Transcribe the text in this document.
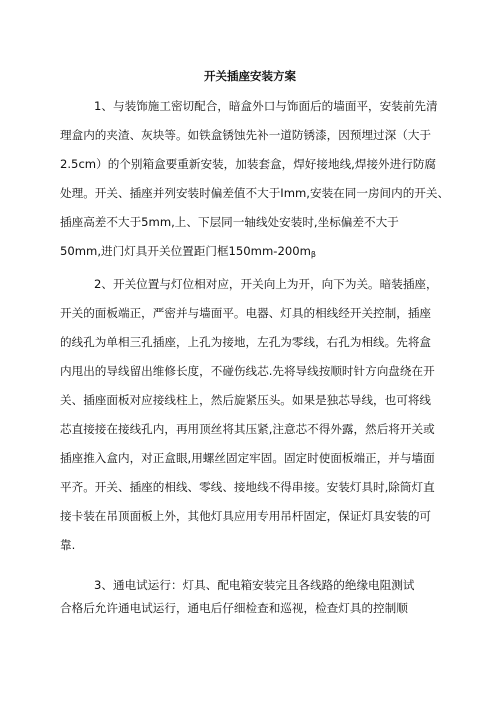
开关插座安装方案
1、与装饰施工密切配合，暗盒外口与饰面后的墙面平，安装前先清
理盒内的夹渣、灰块等。如铁盒锈蚀先补一道防锈漆，因预埋过深（大于
2.5cm）的个别箱盒要重新安装，加装套盒，焊好接地线,焊接外进行防腐
处理。开关、插座并列安装时偏差值不大于Imm,安装在同一房间内的开关、
插座高差不大于5mm,上、下层同一轴线处安装时,坐标偏差不大于
50mm,进门灯具开关位置距门框$150mm-200m_\beta$
2、开关位置与灯位相对应，开关向上为开，向下为关。暗装插座，
开关的面板端正，严密并与墙面平。电器、灯具的相线经开关控制，插座
的线孔为单相三孔插座，上孔为接地，左孔为零线，右孔为相线。先将盒
内甩出的导线留出维修长度，不碰伤线芯.先将导线按顺时针方向盘绕在开
关、插座面板对应接线柱上，然后旋紧压头。如果是独芯导线，也可将线
芯直接接在接线孔内，再用顶丝将其压紧,注意芯不得外露，然后将开关或
插座推入盒内，对正盒眼,用螺丝固定牢固。固定时使面板端正，并与墙面
平齐。开关、插座的相线、零线、接地线不得串接。安装灯具时,除筒灯直
接卡装在吊顶面板上外，其他灯具应用专用吊杆固定，保证灯具安装的可
靠.
3、通电试运行：灯具、配电箱安装完且各线路的绝缘电阻测试
合格后允许通电试运行，通电后仔细检查和巡视，检查灯具的控制顺
